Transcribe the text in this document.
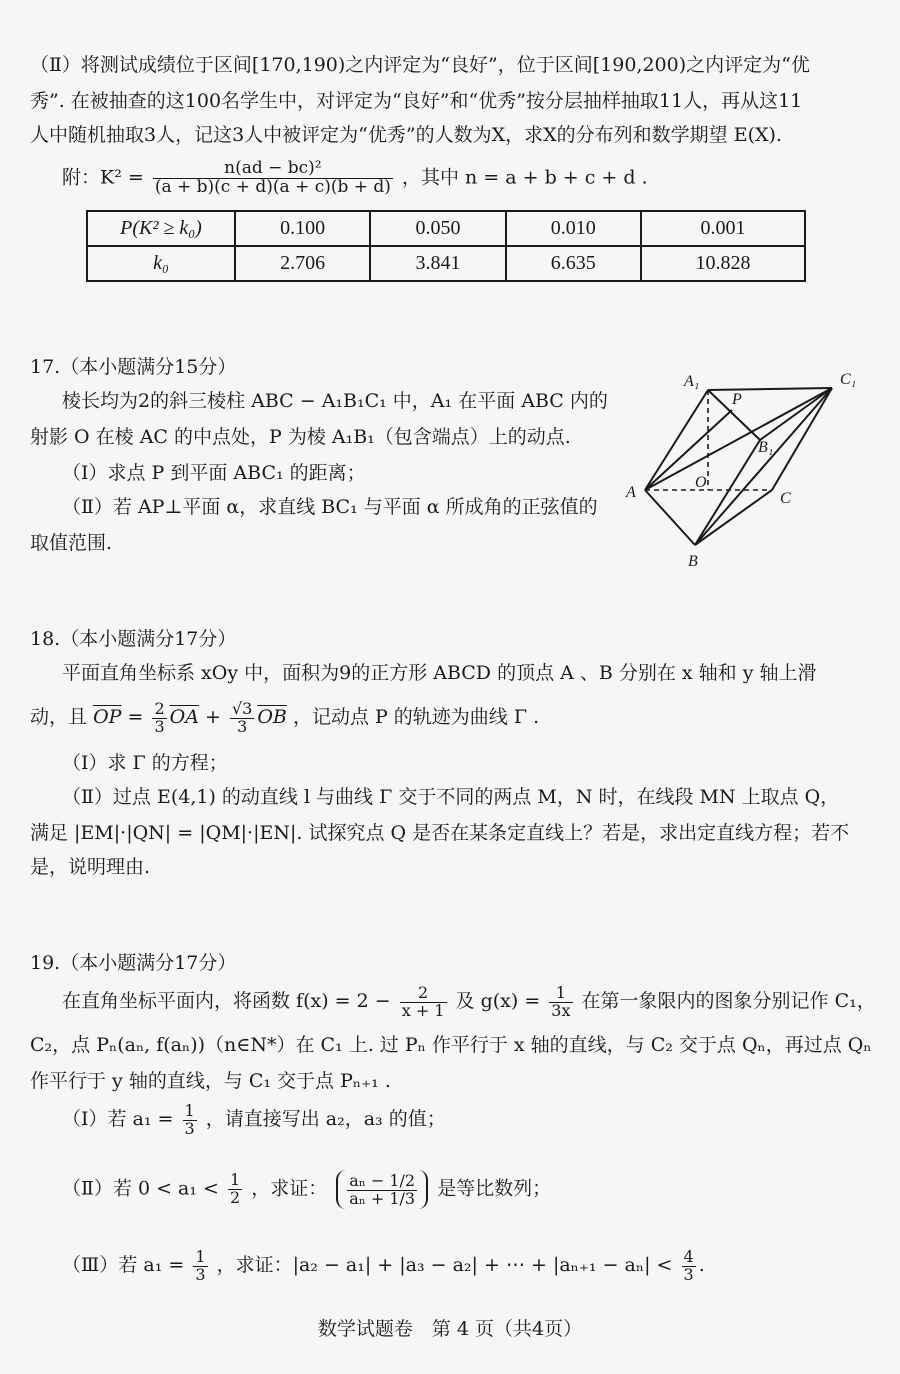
（Ⅱ）将测试成绩位于区间[170,190)之内评定为“良好”，位于区间[190,200)之内评定为“优
秀”. 在被抽查的这100名学生中，对评定为“良好”和“优秀”按分层抽样抽取11人，再从这11
人中随机抽取3人，记这3人中被评定为“优秀”的人数为X，求X的分布列和数学期望 E(X).
附：$K^2 = \frac{\text{n(ad − bc)²}}{(a + b)(c + d)(a + c)(b + d)}$ ，其中 n = a + b + c + d .
P(K² ≥ k₀)	0.100	0.050	0.010	0.001
k₀	2.706	3.841	6.635	10.828
17.（本小题满分15分）
棱长均为2的斜三棱柱 ABC − A₁B₁C₁ 中，A₁ 在平面 ABC 内的
射影 O 在棱 AC 的中点处，P 为棱 A₁B₁（包含端点）上的动点.
（Ⅰ）求点 P 到平面 ABC₁ 的距离；
（Ⅱ）若 AP⊥平面 α，求直线 BC₁ 与平面 α 所成角的正弦值的
取值范围.
A₁
P
C₁
B₁
A
O
C
B
18.（本小题满分17分）
平面直角坐标系 xOy 中，面积为9的正方形 ABCD 的顶点 A 、B 分别在 x 轴和 y 轴上滑
动，且 $\overline{OP} = \frac{2}{3} \overline{OA} + \frac{√3}{3} \overline{OB}$ ，记动点 P 的轨迹为曲线 Γ .
（Ⅰ）求 Γ 的方程；
（Ⅱ）过点 E(4,1) 的动直线 l 与曲线 Γ 交于不同的两点 M，N 时，在线段 MN 上取点 Q，
满足 |EM|·|QN| = |QM|·|EN|. 试探究点 Q 是否在某条定直线上？若是，求出定直线方程；若不
是，说明理由.
19.（本小题满分17分）
在直角坐标平面内，将函数 $f(x) = 2 - \frac{2}{x + 1}$ 及 $g(x) = \frac{1}{3x}$ 在第一象限内的图象分别记作 C₁，
C₂，点 Pₙ(aₙ, f(aₙ))（n∈N*）在 C₁ 上. 过 Pₙ 作平行于 x 轴的直线，与 C₂ 交于点 Qₙ，再过点 Qₙ
作平行于 y 轴的直线，与 C₁ 交于点 Pₙ₊₁ .
（Ⅰ）若 $a_1 = \frac{1}{3}$ ，请直接写出 a₂，a₃ 的值；
（Ⅱ）若 $0 < a_1 < \frac{1}{2}$ ，求证： $\frac{\text{aₙ − 1/2}}{\text{aₙ + 1/3}}$ 是等比数列；
（Ⅲ）若 $a_1 = \frac{1}{3}$ ，求证：|a₂ − a₁| + |a₃ − a₂| + ⋯ + $|a_{n+1} - a_n| < \frac{4}{3}$ .
数学试题卷　第 4 页（共4页）
